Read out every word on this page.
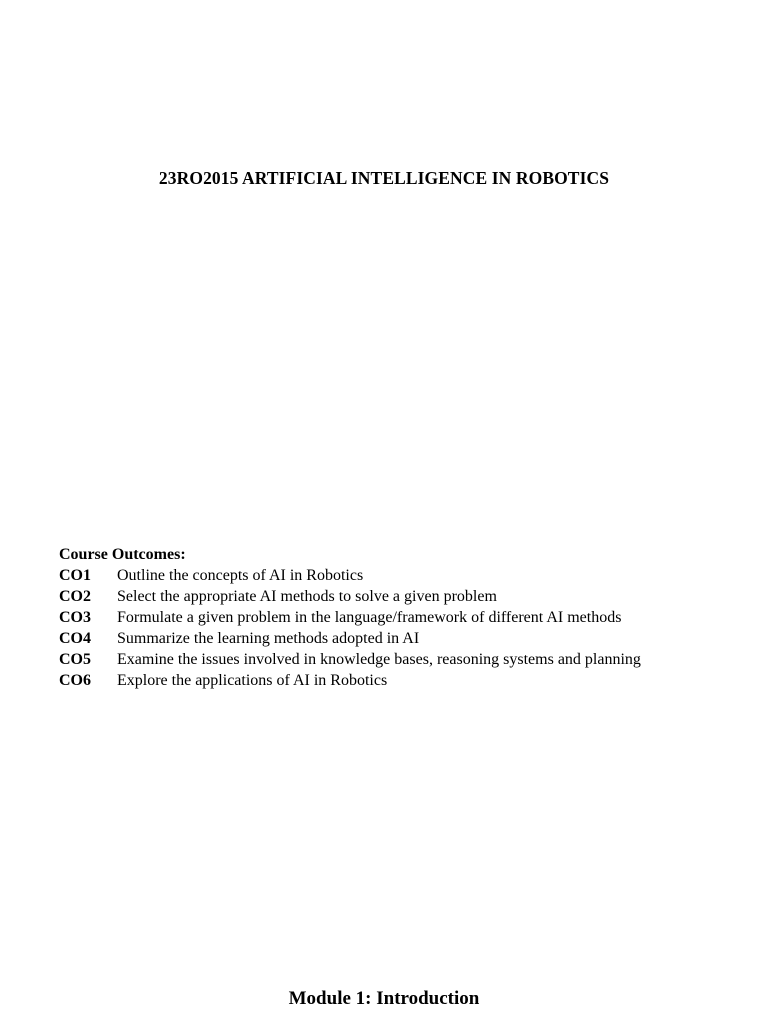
23RO2015 ARTIFICIAL INTELLIGENCE IN ROBOTICS

Course Outcomes:

CO1	Outline the concepts of AI in Robotics
CO2	Select the appropriate AI methods to solve a given problem
CO3	Formulate a given problem in the language/framework of different AI methods
CO4	Summarize the learning methods adopted in AI
CO5	Examine the issues involved in knowledge bases, reasoning systems and planning
CO6	Explore the applications of AI in Robotics
Module 1: Introduction
